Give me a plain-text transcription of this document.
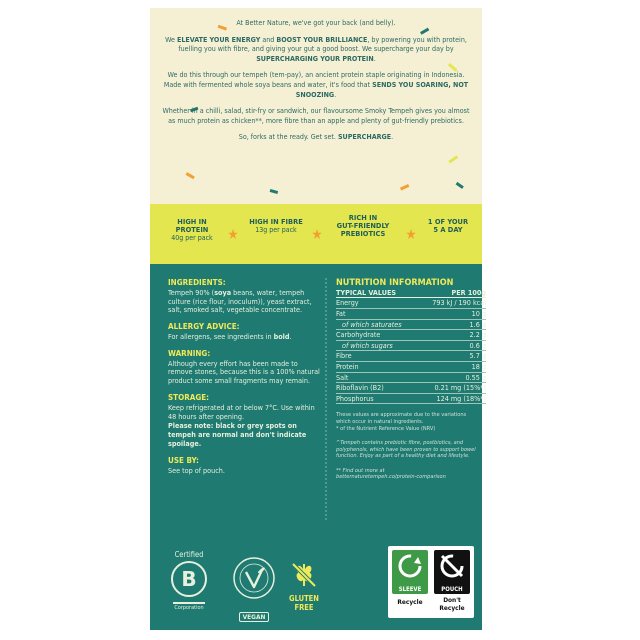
At Better Nature, we've got your back (and belly).

We ELEVATE YOUR ENERGY and BOOST YOUR BRILLIANCE, by powering you with protein, fuelling you with fibre, and giving your gut a good boost. We supercharge your day by SUPERCHARGING YOUR PROTEIN.

We do this through our tempeh (tem-pay), an ancient protein staple originating in Indonesia. Made with fermented whole soya beans and water, it's food that SENDS YOU SOARING, NOT SNOOZING.

Whether in a chilli, salad, stir-fry or sandwich, our flavoursome Smoky Tempeh gives you almost as much protein as chicken**, more fibre than an apple and plenty of gut-friendly prebiotics.

So, forks at the ready. Get set. SUPERCHARGE.

HIGH IN PROTEIN
40g per pack	★
HIGH IN FIBRE
13g per pack	★
RICH IN
GUT-FRIENDLY
PREBIOTICS	★
1 OF YOUR
5 A DAY
INGREDIENTS:
Tempeh 90% (soya beans, water, tempeh culture (rice flour, inoculum)), yeast extract, salt, smoked salt, vegetable concentrate.
ALLERGY ADVICE:
For allergens, see ingredients in bold.
WARNING:
Although every effort has been made to remove stones, because this is a 100% natural product some small fragments may remain.
STORAGE:
Keep refrigerated at or below 7°C. Use within 48 hours after opening.
Please note: black or grey spots on tempeh are normal and don't indicate spoilage.
USE BY:
See top of pouch.
NUTRITION INFORMATION
TYPICAL VALUES	PER 100g
Energy	793 kJ / 190 kcal
Fat	10 g
of which saturates	1.6 g
Carbohydrate	2.2 g
of which sugars	0.6 g
Fibre	5.7 g
Protein	18 g
Salt	0.55 g
Riboflavin (B2)	0.21 mg (15%*)
Phosphorus	124 mg (18%*)
These values are approximate due to the variations which occur in natural ingredients.
* of the Nutrient Reference Value (NRV)
^Tempeh contains prebiotic fibre, postbiotics, and polyphenols, which have been proven to support bowel function. Enjoy as part of a healthy diet and lifestyle.
** Find out more at
betternaturetempeh.co/protein-comparison
Certified
B
Corporation
VEGAN
GLUTEN
FREE
SLEEVE	POUCH
Recycle	Don't
Recycle
